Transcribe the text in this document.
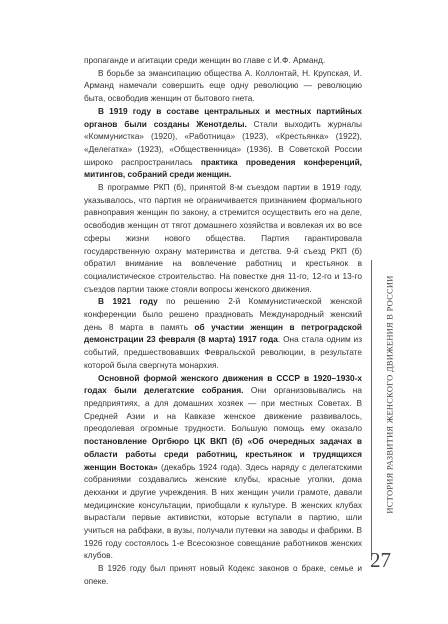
пропаганде и агитации среди женщин во главе с И.Ф. Арманд.

В борьбе за эмансипацию общества А. Коллонтай, Н. Крупская, И. Арманд намечали совершить еще одну революцию — революцию быта, освободив женщин от бытового гнета.

В 1919 году в составе центральных и местных партийных органов были созданы Женотделы. Стали выходить журналы «Коммунистка» (1920), «Работница» (1923), «Крестьянка» (1922), «Делегатка» (1923), «Общественница» (1936). В Советской России широко распространилась практика проведения конференций, митингов, собраний среди женщин.

В программе РКП (б), принятой 8-м съездом партии в 1919 году, указывалось, что партия не ограничивается признанием формального равноправия женщин по закону, а стремится осуществить его на деле, освободив женщин от тягот домашнего хозяйства и вовлекая их во все сферы жизни нового общества. Партия гарантировала государственную охрану материнства и детства. 9-й съезд РКП (б) обратил внимание на вовлечение работниц и крестьянок в социалистическое строительство. На повестке дня 11-го, 12-го и 13-го съездов партии также стояли вопросы женского движения.

В 1921 году по решению 2-й Коммунистической женской конференции было решено праздновать Международный женский день 8 марта в память об участии женщин в петроградской демонстрации 23 февраля (8 марта) 1917 года. Она стала одним из событий, предшествовавших Февральской революции, в результате которой была свергнута монархия.

Основной формой женского движения в СССР в 1920–1930-х годах были делегатские собрания. Они организовывались на предприятиях, а для домашних хозяек — при местных Советах. В Средней Азии и на Кавказе женское движение развивалось, преодолевая огромные трудности. Большую помощь ему оказало постановление Оргбюро ЦК ВКП (б) «Об очередных задачах в области работы среди работниц, крестьянок и трудящихся женщин Востока» (декабрь 1924 года). Здесь наряду с делегатскими собраниями создавались женские клубы, красные уголки, дома декханки и другие учреждения. В них женщин учили грамоте, давали медицинские консультации, приобщали к культуре. В женских клубах вырастали первые активистки, которые вступали в партию, шли учиться на рабфаки, в вузы, получали путевки на заводы и фабрики. В 1926 году состоялось 1-е Всесоюзное совещание работников женских клубов.

В 1926 году был принят новый Кодекс законов о браке, семье и опеке.

ИСТОРИЯ РАЗВИТИЯ ЖЕНСКОГО ДВИЖЕНИЯ В РОССИИ
27
